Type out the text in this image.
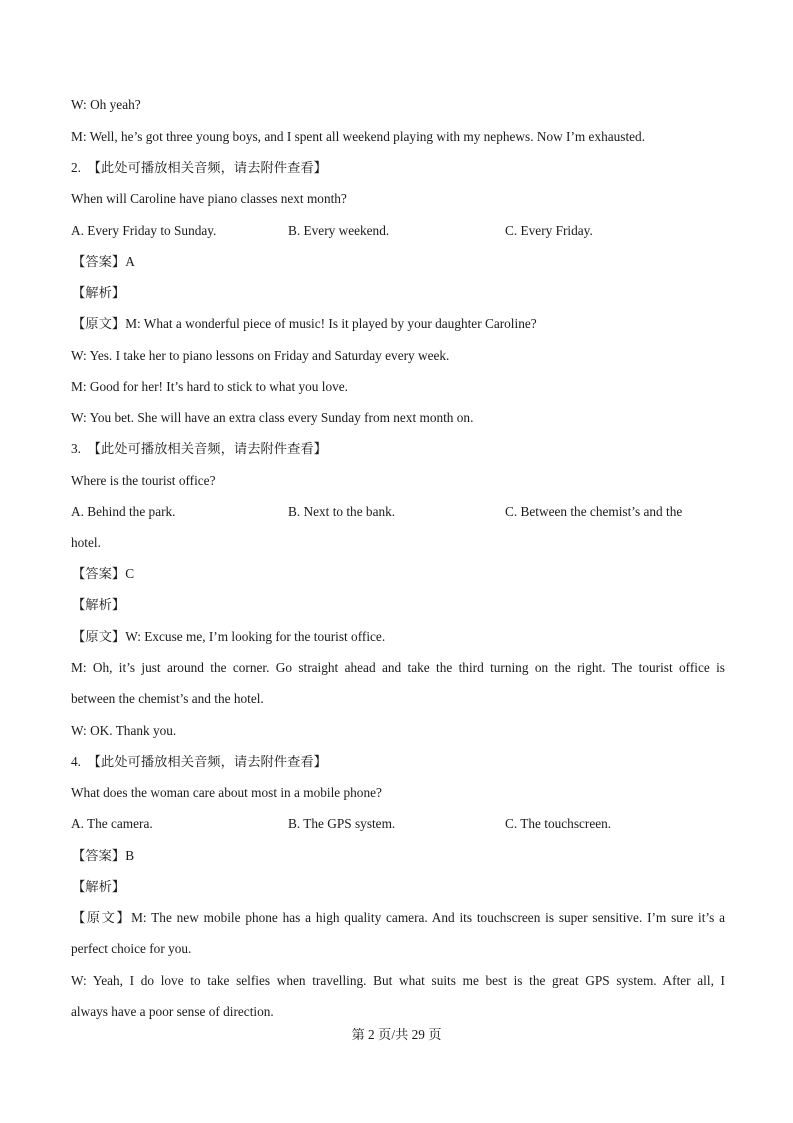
W: Oh yeah?
M: Well, he’s got three young boys, and I spent all weekend playing with my nephews. Now I’m exhausted.
2. 【此处可播放相关音频，请去附件查看】
When will Caroline have piano classes next month?
A. Every Friday to Sunday.	B. Every weekend.	C. Every Friday.
【答案】A
【解析】
【原文】M: What a wonderful piece of music! Is it played by your daughter Caroline?
W: Yes. I take her to piano lessons on Friday and Saturday every week.
M: Good for her! It’s hard to stick to what you love.
W: You bet. She will have an extra class every Sunday from next month on.
3. 【此处可播放相关音频，请去附件查看】
Where is the tourist office?
A. Behind the park.	B. Next to the bank.	C. Between the chemist’s and the
hotel.
【答案】C
【解析】
【原文】W: Excuse me, I’m looking for the tourist office.
M: Oh, it’s just around the corner. Go straight ahead and take the third turning on the right. The tourist office is
between the chemist’s and the hotel.
W: OK. Thank you.
4. 【此处可播放相关音频，请去附件查看】
What does the woman care about most in a mobile phone?
A. The camera.	B. The GPS system.	C. The touchscreen.
【答案】B
【解析】
【原文】M: The new mobile phone has a high quality camera. And its touchscreen is super sensitive. I’m sure it’s a
perfect choice for you.
W: Yeah, I do love to take selfies when travelling. But what suits me best is the great GPS system. After all, I
always have a poor sense of direction.
第 2 页/共 29 页
